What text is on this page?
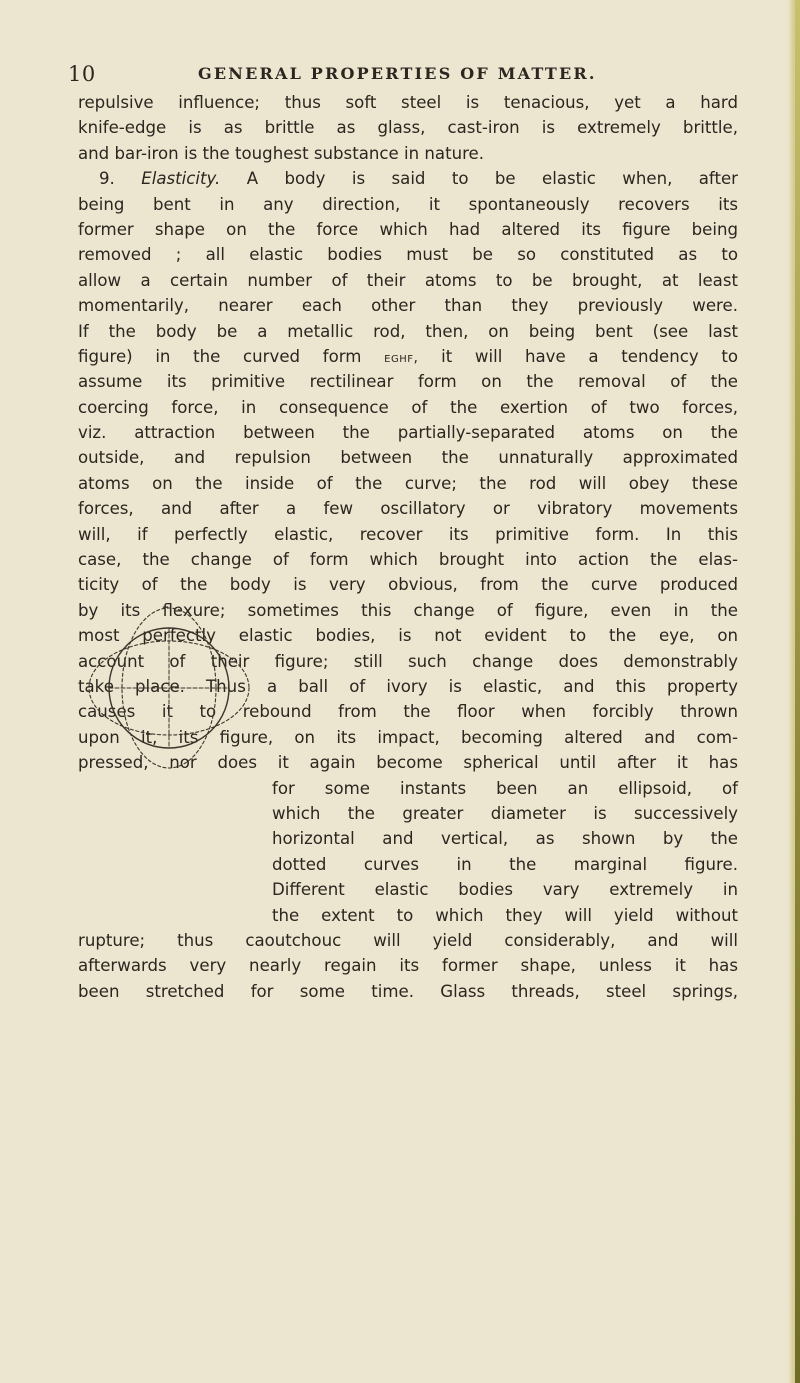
10	GENERAL PROPERTIES OF MATTER.
repulsive influence; thus soft steel is tenacious, yet a hard
knife-edge is as brittle as glass, cast-iron is extremely brittle,
and bar-iron is the toughest substance in nature.
9. Elasticity. A body is said to be elastic when, after
being bent in any direction, it spontaneously recovers its
former shape on the force which had altered its figure being
removed ; all elastic bodies must be so constituted as to
allow a certain number of their atoms to be brought, at least
momentarily, nearer each other than they previously were.
If the body be a metallic rod, then, on being bent (see last
figure) in the curved form eghf, it will have a tendency to
assume its primitive rectilinear form on the removal of the
coercing force, in consequence of the exertion of two forces,
viz. attraction between the partially-separated atoms on the
outside, and repulsion between the unnaturally approximated
atoms on the inside of the curve; the rod will obey these
forces, and after a few oscillatory or vibratory movements
will, if perfectly elastic, recover its primitive form. In this
case, the change of form which brought into action the elas-
ticity of the body is very obvious, from the curve produced
by its flexure; sometimes this change of figure, even in the
most perfectly elastic bodies, is not evident to the eye, on
account of their figure; still such change does demonstrably
take place. Thus a ball of ivory is elastic, and this property
causes it to rebound from the floor when forcibly thrown
upon it, its figure, on its impact, becoming altered and com-
pressed, nor does it again become spherical until after it has
for some instants been an ellipsoid, of
which the greater diameter is successively
horizontal and vertical, as shown by the
dotted curves in the marginal figure.
Different elastic bodies vary extremely in
the extent to which they will yield without
rupture; thus caoutchouc will yield considerably, and will
afterwards very nearly regain its former shape, unless it has
been stretched for some time. Glass threads, steel springs,
